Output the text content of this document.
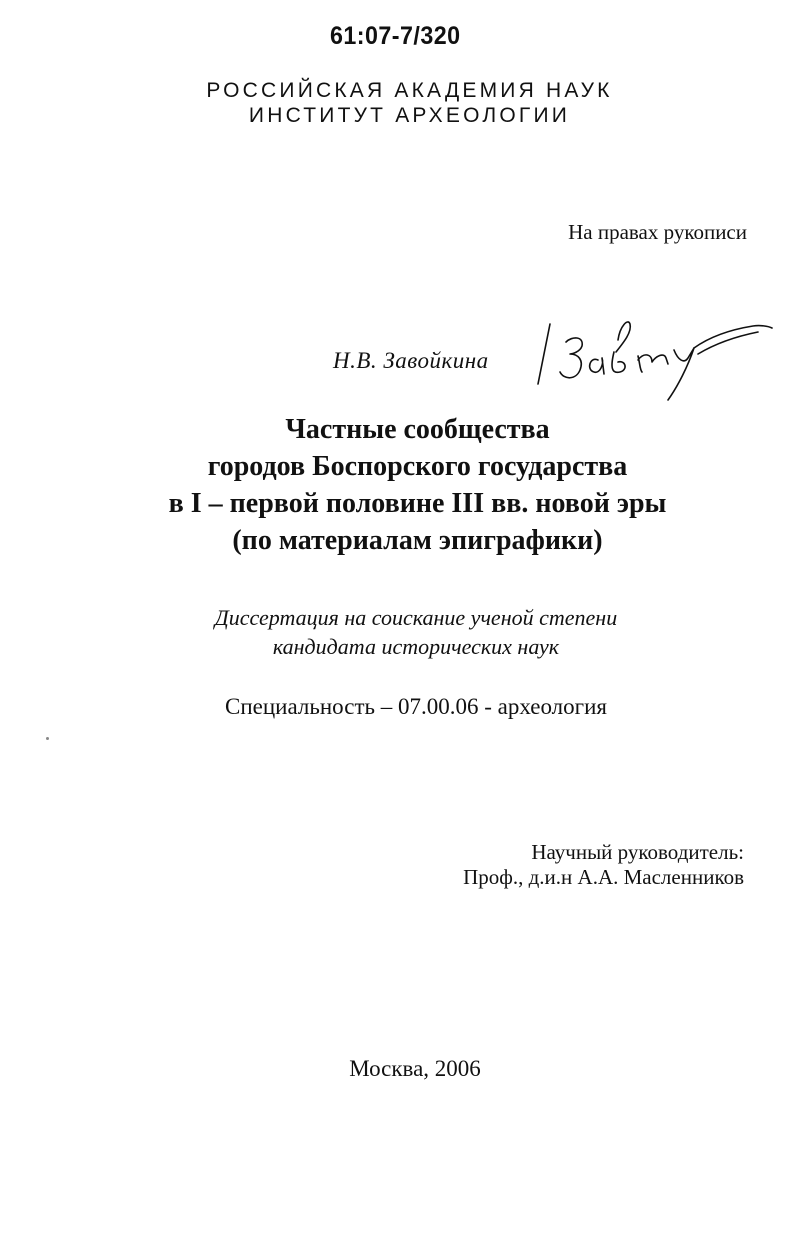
61:07-7/320
РОССИЙСКАЯ АКАДЕМИЯ НАУК
ИНСТИТУТ АРХЕОЛОГИИ
На правах рукописи
Н.В. Завойкина
Частные сообщества
городов Боспорского государства
в I – первой половине III вв. новой эры
(по материалам эпиграфики)
Диссертация на соискание ученой степени
кандидата исторических наук
Специальность – 07.00.06 - археология
Научный руководитель:
Проф., д.и.н А.А. Масленников
Москва, 2006
